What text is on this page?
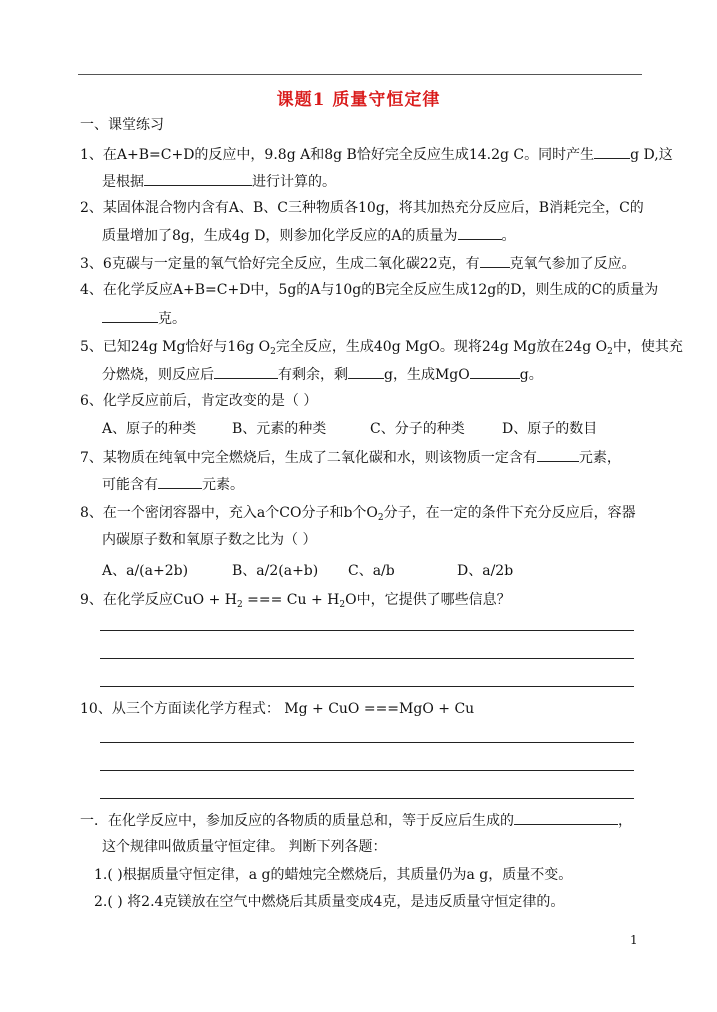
课题1 质量守恒定律
一、课堂练习
1、在A+B=C+D的反应中，9.8g A和8g B恰好完全反应生成14.2g C。同时产生	g D,这
是根据	进行计算的。
2、某固体混合物内含有A、B、C三种物质各10g，将其加热充分反应后，B消耗完全，C的
质量增加了8g，生成4g D，则参加化学反应的A的质量为	。
3、6克碳与一定量的氧气恰好完全反应，生成二氧化碳22克，有 克氧气参加了反应。
4、在化学反应A+B=C+D中，5g的A与10g的B完全反应生成12g的D，则生成的C的质量为
克。
5、已知24g Mg恰好与16g $O_2$完全反应，生成40g MgO。现将24g Mg放在24g $O_2$中，使其充
分燃烧，则反应后	有剩余，剩	g，生成MgO	g。
6、化学反应前后，肯定改变的是（ ）
A、原子的种类	B、元素的种类	C、分子的种类	D、原子的数目
7、某物质在纯氧中完全燃烧后，生成了二氧化碳和水，则该物质一定含有	元素，
可能含有	元素。
8、在一个密闭容器中，充入a个CO分子和b个$O_2$分子，在一定的条件下充分反应后，容器
内碳原子数和氧原子数之比为（ ）
A、a/(a+2b)	B、a/2(a+b) C、a/b	D、a/2b
9、在化学反应CuO + $H_2$ === $Cu + H_2O$中，它提供了哪些信息？
10、从三个方面读化学方程式： Mg + CuO ===MgO + Cu
一．在化学反应中，参加反应的各物质的质量总和，等于反应后生成的	，
这个规律叫做质量守恒定律。 判断下列各题：
1.( )根据质量守恒定律，a g的蜡烛完全燃烧后，其质量仍为a g，质量不变。
2.( ) 将2.4克镁放在空气中燃烧后其质量变成4克，是违反质量守恒定律的。
1
